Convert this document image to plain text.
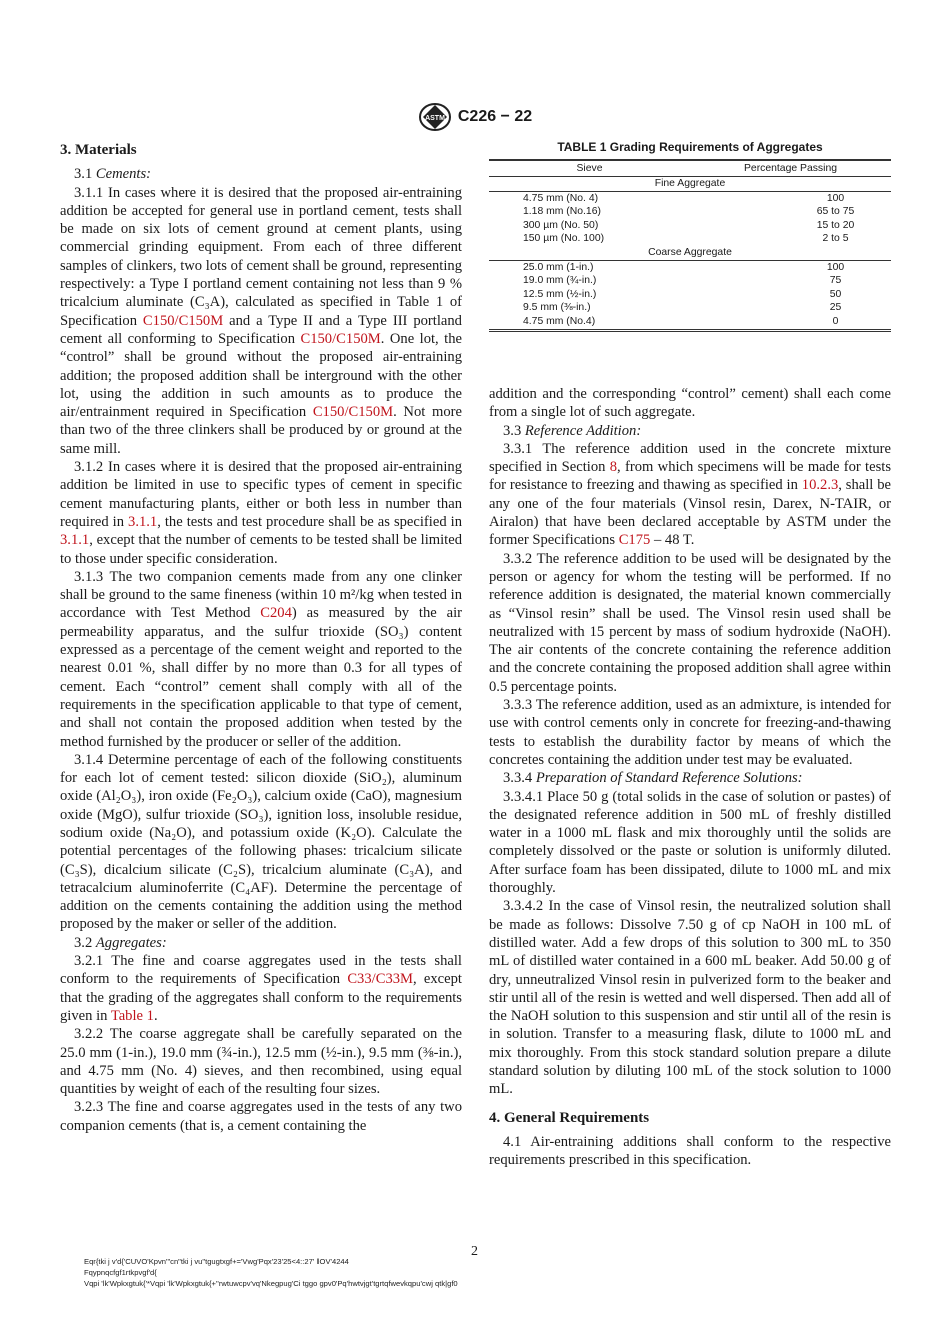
ASTM C226 − 22
TABLE 1 Grading Requirements of Aggregates
Sieve	Percentage Passing
Fine Aggregate	
4.75 mm (No. 4)	100
1.18 mm (No.16)	65 to 75
300 µm (No. 50)	15 to 20
150 µm (No. 100)	2 to 5
Coarse Aggregate	
25.0 mm (1-in.)	100
19.0 mm (¾-in.)	75
12.5 mm (½-in.)	50
9.5 mm (⅜-in.)	25
4.75 mm (No.4)	0
3. Materials

3.1 Cements:

3.1.1 In cases where it is desired that the proposed air-entraining addition be accepted for general use in portland cement, tests shall be made on six lots of cement ground at cement plants, using commercial grinding equipment. From each of three different samples of clinkers, two lots of cement shall be ground, representing respectively: a Type I portland cement containing not less than 9 % tricalcium aluminate (C₃A), calculated as specified in Table 1 of Specification C150/C150M and a Type II and a Type III portland cement all conforming to Specification C150/C150M. One lot, the “control” shall be ground without the proposed air-entraining addition; the proposed addition shall be interground with the other lot, using the addition in such amounts as to produce the air/entrainment required in Specification C150/C150M. Not more than two of the three clinkers shall be produced by or ground at the same mill.

3.1.2 In cases where it is desired that the proposed air-entraining addition be limited in use to specific types of cement in specific cement manufacturing plants, either or both less in number than required in 3.1.1, the tests and test procedure shall be as specified in 3.1.1, except that the number of cements to be tested shall be limited to those under specific consideration.

3.1.3 The two companion cements made from any one clinker shall be ground to the same fineness (within 10 m²/kg when tested in accordance with Test Method C204) as measured by the air permeability apparatus, and the sulfur trioxide (SO₃) content expressed as a percentage of the cement weight and reported to the nearest 0.01 %, shall differ by no more than 0.3 for all types of cement. Each “control” cement shall comply with all of the requirements in the specification applicable to that type of cement, and shall not contain the proposed addition when tested by the method furnished by the producer or seller of the addition.

3.1.4 Determine percentage of each of the following constituents for each lot of cement tested: silicon dioxide (SiO₂), aluminum oxide (Al₂O₃), iron oxide (Fe₂O₃), calcium oxide (CaO), magnesium oxide (MgO), sulfur trioxide (SO₃), ignition loss, insoluble residue, sodium oxide (Na₂O), and potassium oxide (K₂O). Calculate the potential percentages of the following phases: tricalcium silicate (C₃S), dicalcium silicate (C₂S), tricalcium aluminate (C₃A), and tetracalcium aluminoferrite (C₄AF). Determine the percentage of addition on the cements containing the addition using the method proposed by the maker or seller of the addition.

3.2 Aggregates:

3.2.1 The fine and coarse aggregates used in the tests shall conform to the requirements of Specification C33/C33M, except that the grading of the aggregates shall conform to the requirements given in Table 1.

3.2.2 The coarse aggregate shall be carefully separated on the 25.0 mm (1-in.), 19.0 mm (¾-in.), 12.5 mm (½-in.), 9.5 mm (⅜-in.), and 4.75 mm (No. 4) sieves, and then recombined, using equal quantities by weight of each of the resulting four sizes.

3.2.3 The fine and coarse aggregates used in the tests of any two companion cements (that is, a cement containing the

addition and the corresponding “control” cement) shall each come from a single lot of such aggregate.

3.3 Reference Addition:

3.3.1 The reference addition used in the concrete mixture specified in Section 8, from which specimens will be made for tests for resistance to freezing and thawing as specified in 10.2.3, shall be any one of the four materials (Vinsol resin, Darex, N-TAIR, or Airalon) that have been declared acceptable by ASTM under the former Specifications C175 – 48 T.

3.3.2 The reference addition to be used will be designated by the person or agency for whom the testing will be performed. If no reference addition is designated, the material known commercially as “Vinsol resin” shall be used. The Vinsol resin used shall be neutralized with 15 percent by mass of sodium hydroxide (NaOH). The air contents of the concrete containing the reference addition and the concrete containing the proposed addition shall agree within 0.5 percentage points.

3.3.3 The reference addition, used as an admixture, is intended for use with control cements only in concrete for freezing-and-thawing tests to establish the durability factor by means of which the concretes containing the addition under test may be evaluated.

3.3.4 Preparation of Standard Reference Solutions:

3.3.4.1 Place 50 g (total solids in the case of solution or pastes) of the designated reference addition in 500 mL of freshly distilled water in a 1000 mL flask and mix thoroughly until the solids are completely dissolved or the paste or solution is uniformly diluted. After surface foam has been dissipated, dilute to 1000 mL and mix thoroughly.

3.3.4.2 In the case of Vinsol resin, the neutralized solution shall be made as follows: Dissolve 7.50 g of cp NaOH in 100 mL of distilled water. Add a few drops of this solution to 300 mL to 350 mL of distilled water contained in a 600 mL beaker. Add 50.00 g of dry, unneutralized Vinsol resin in pulverized form to the beaker and stir until all of the resin is wetted and well dispersed. Then add all of the NaOH solution to this suspension and stir until all of the resin is in solution. Transfer to a measuring flask, dilute to 1000 mL and mix thoroughly. From this stock standard solution prepare a dilute standard solution by diluting 100 mL of the stock solution to 1000 mL.

4. General Requirements

4.1 Air-entraining additions shall conform to the respective requirements prescribed in this specification.

2
Eqr{tki j v'd{'CUVO'Kpvn'"cn"tki j vu"tgugtxgf+='Vwg'Pqx'23'25<4::27' ‖OV'4244
Fqypnqcfgf1rtkpvgf'd{
Vqpi 'lk'Wpkxgtuk{'*Vqpi 'lk'Wpkxgtuk{+''rwtuwcpv'vq'Nkegpug'Ci tggo gpv0'Pq'hwtvjgt'tgrtqfwevkqpu'cwj qtk|gf0
